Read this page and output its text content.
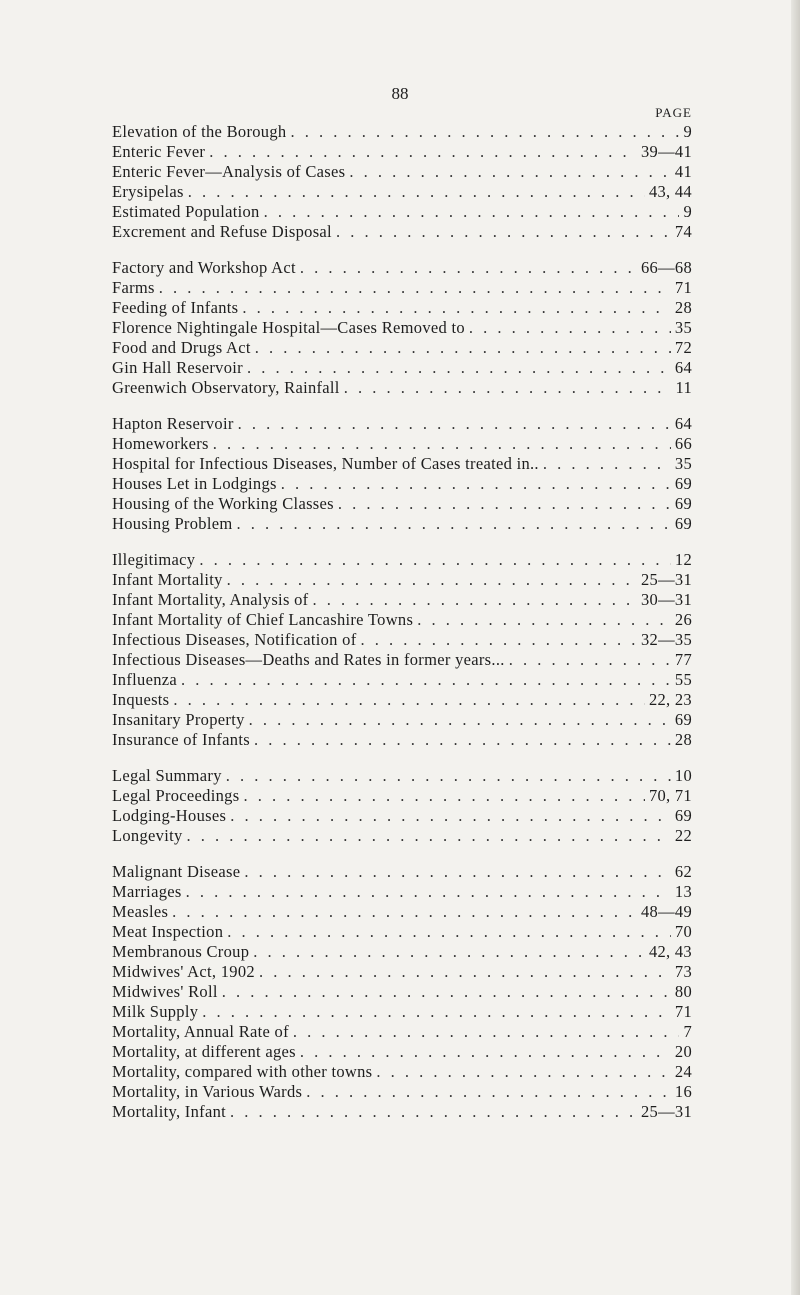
88
PAGE
Elevation of the Borough . . .	9
Enteric Fever . . .	39—41
Enteric Fever—Analysis of Cases . . .	41
Erysipelas . . .	43, 44
Estimated Population . . .	9
Excrement and Refuse Disposal . . .	74
Factory and Workshop Act . . .	66—68
Farms . . .	71
Feeding of Infants . . .	28
Florence Nightingale Hospital—Cases Removed to . . .	35
Food and Drugs Act . . .	72
Gin Hall Reservoir . . .	64
Greenwich Observatory, Rainfall . . .	11
Hapton Reservoir . . .	64
Homeworkers . . .	66
Hospital for Infectious Diseases, Number of Cases treated in.. . . .	35
Houses Let in Lodgings . . .	69
Housing of the Working Classes . . .	69
Housing Problem . . .	69
Illegitimacy . . .	12
Infant Mortality . . .	25—31
Infant Mortality, Analysis of . . .	30—31
Infant Mortality of Chief Lancashire Towns . . .	26
Infectious Diseases, Notification of . . .	32—35
Infectious Diseases—Deaths and Rates in former years... . . .	77
Influenza . . .	55
Inquests . . .	22, 23
Insanitary Property . . .	69
Insurance of Infants . . .	28
Legal Summary . . .	10
Legal Proceedings . . .	70, 71
Lodging-Houses . . .	69
Longevity . . .	22
Malignant Disease . . .	62
Marriages . . .	13
Measles . . .	48—49
Meat Inspection . . .	70
Membranous Croup . . .	42, 43
Midwives' Act, 1902 . . .	73
Midwives' Roll . . .	80
Milk Supply . . .	71
Mortality, Annual Rate of . . .	7
Mortality, at different ages . . .	20
Mortality, compared with other towns . . .	24
Mortality, in Various Wards . . .	16
Mortality, Infant . . .	25—31
